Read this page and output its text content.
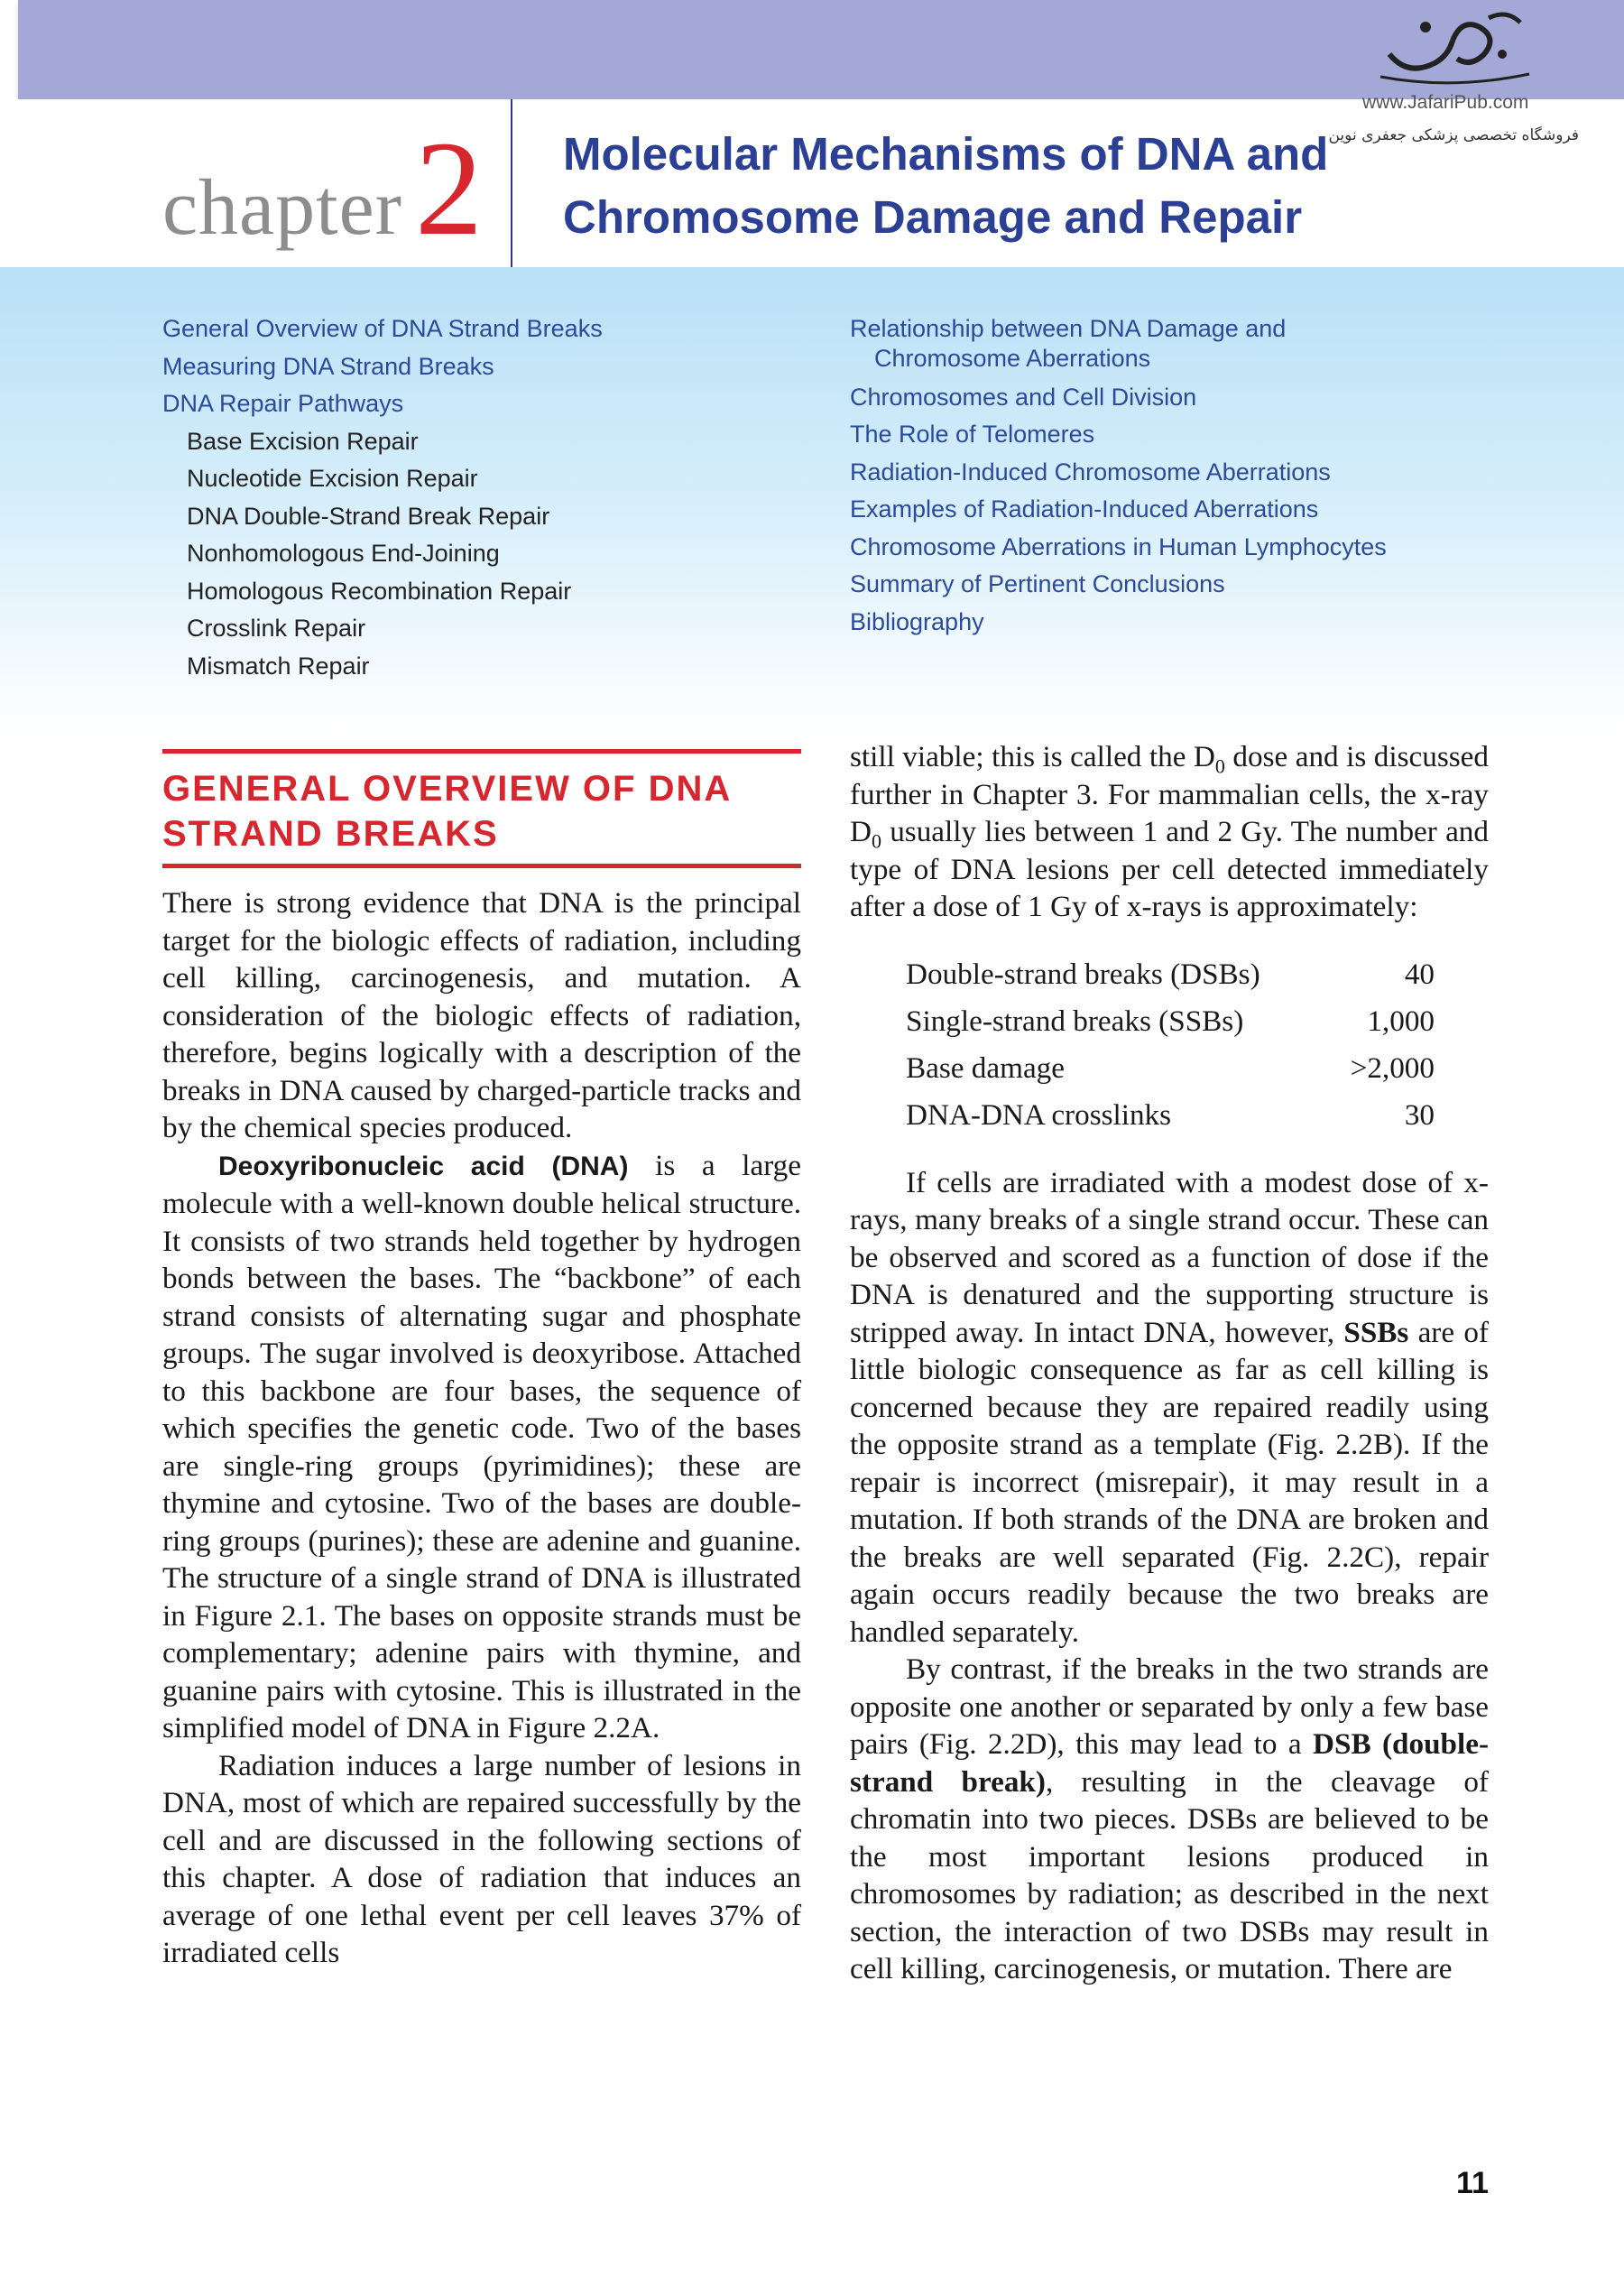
chapter 2 Molecular Mechanisms of DNA and
Chromosome Damage and Repair
www.JafariPub.com
فروشگاه تخصصی پزشکی جعفری نوین
General Overview of DNA Strand Breaks
Measuring DNA Strand Breaks
DNA Repair Pathways
Base Excision Repair
Nucleotide Excision Repair
DNA Double-Strand Break Repair
Nonhomologous End-Joining
Homologous Recombination Repair
Crosslink Repair
Mismatch Repair
Relationship between DNA Damage and
Chromosome Aberrations
Chromosomes and Cell Division
The Role of Telomeres
Radiation-Induced Chromosome Aberrations
Examples of Radiation-Induced Aberrations
Chromosome Aberrations in Human Lymphocytes
Summary of Pertinent Conclusions
Bibliography
GENERAL OVERVIEW OF DNA STRAND BREAKS

There is strong evidence that DNA is the principal target for the biologic effects of radiation, including cell killing, carcinogenesis, and mutation. A consideration of the biologic effects of radiation, therefore, begins logically with a description of the breaks in DNA caused by charged-particle tracks and by the chemical species produced.

Deoxyribonucleic acid (DNA) is a large molecule with a well-known double helical structure. It consists of two strands held together by hydrogen bonds between the bases. The “backbone” of each strand consists of alternating sugar and phosphate groups. The sugar involved is deoxyribose. Attached to this backbone are four bases, the sequence of which specifies the genetic code. Two of the bases are single-ring groups (pyrimidines); these are thymine and cytosine. Two of the bases are double-ring groups (purines); these are adenine and guanine. The structure of a single strand of DNA is illustrated in Figure 2.1. The bases on opposite strands must be complementary; adenine pairs with thymine, and guanine pairs with cytosine. This is illustrated in the simplified model of DNA in Figure 2.2A.

Radiation induces a large number of lesions in DNA, most of which are repaired successfully by the cell and are discussed in the following sections of this chapter. A dose of radiation that induces an average of one lethal event per cell leaves 37% of irradiated cells

still viable; this is called the $D_0$ dose and is discussed further in Chapter 3. For mammalian cells, the x-ray $D_0$ usually lies between 1 and 2 Gy. The number and type of DNA lesions per cell detected immediately after a dose of 1 Gy of x-rays is approximately:

Double-strand breaks (DSBs)	40
Single-strand breaks (SSBs)	1,000
Base damage	>2,000
DNA-DNA crosslinks	30

If cells are irradiated with a modest dose of x-rays, many breaks of a single strand occur. These can be observed and scored as a function of dose if the DNA is denatured and the supporting structure is stripped away. In intact DNA, however, SSBs are of little biologic consequence as far as cell killing is concerned because they are repaired readily using the opposite strand as a template (Fig. 2.2B). If the repair is incorrect (misrepair), it may result in a mutation. If both strands of the DNA are broken and the breaks are well separated (Fig. 2.2C), repair again occurs readily because the two breaks are handled separately.

By contrast, if the breaks in the two strands are opposite one another or separated by only a few base pairs (Fig. 2.2D), this may lead to a DSB (double-strand break), resulting in the cleavage of chromatin into two pieces. DSBs are believed to be the most important lesions produced in chromosomes by radiation; as described in the next section, the interaction of two DSBs may result in cell killing, carcinogenesis, or mutation. There are

11
